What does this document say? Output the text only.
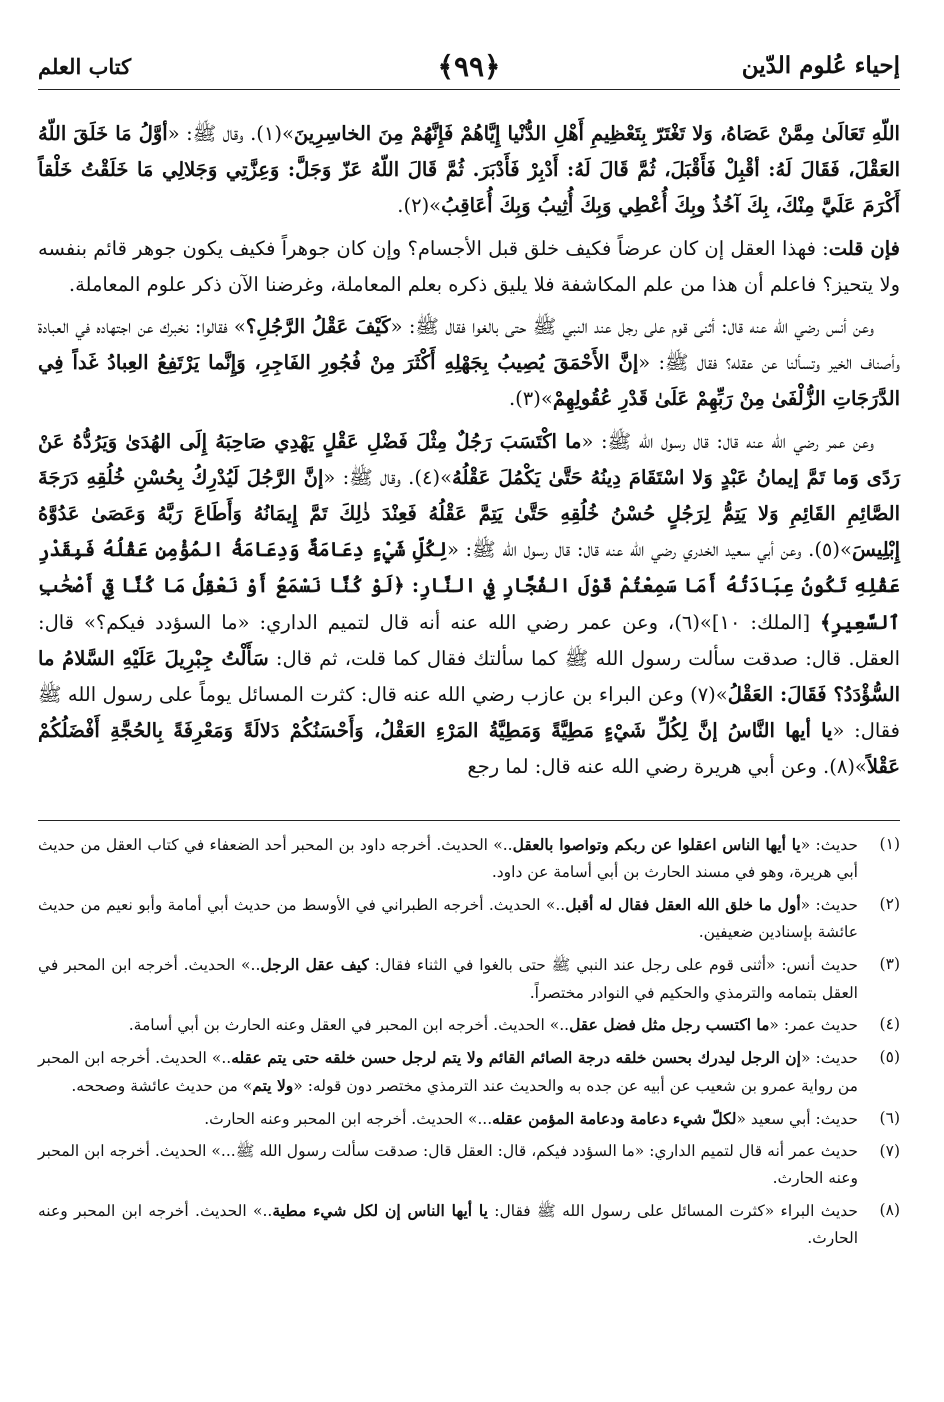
إحياء عُلوم الدّين
﴿٩٩﴾
كتاب العلم

اللّهِ تَعَالَىٰ مِمَّنْ عَصَاهُ، وَلا تَغْتَرّ بِتَعْظِيمِ أَهْلِ الدُّنْيا إِيَّاهُمْ فَإِنَّهُمْ مِنَ الخاسِرِينَ»(١). وقال ﷺ: «أوَّلُ مَا خَلَقَ اللّهُ العَقْلَ، فَقَالَ لَهُ: أقْبِلْ فَأَقْبَلَ، ثُمَّ قَالَ لَهُ: أَدْبِرْ فَأَدْبَرَ. ثُمَّ قَالَ اللّهُ عَزّ وَجَلَّ: وَعِزَّتِي وَجَلالِي مَا خَلَقْتُ خَلْقاً أَكْرَمَ عَلَيَّ مِنْكَ، بِكَ آخُذُ وبِكَ أُعْطِي وَبِكَ أُثِيبُ وَبِكَ أُعَاقِبُ»(٢).

فإن قلت: فهذا العقل إن كان عرضاً فكيف خلق قبل الأجسام؟ وإن كان جوهراً فكيف يكون جوهر قائم بنفسه ولا يتحيز؟ فاعلم أن هذا من علم المكاشفة فلا يليق ذكره بعلم المعاملة، وغرضنا الآن ذكر علوم المعاملة.

وعن أنس رضي الله عنه قال: أثنى قوم على رجل عند النبي ﷺ حتى بالغوا فقال ﷺ: «كَيْفَ عَقْلُ الرَّجُلِ؟» فقالوا: نخبرك عن اجتهاده في العبادة وأصناف الخير وتسألنا عن عقله؟ فقال ﷺ: «إنَّ الأَحْمَقَ يُصِيبُ بِجَهْلِهِ أَكْثَرَ مِنْ فُجُورِ الفَاجِرِ، وَإِنَّما يَرْتَفِعُ العِبادُ غَداً فِي الدَّرَجَاتِ الزُّلْفَىٰ مِنْ رَبِّهِمْ عَلَىٰ قَدْرِ عُقُولِهِمْ»(٣).

وعن عمر رضي الله عنه قال: قال رسول الله ﷺ: «ما اكْتَسَبَ رَجُلٌ مِثْلَ فَضْلِ عَقْلٍ يَهْدِي صَاحِبَهُ إِلَى الهُدَىٰ وَيَرُدُّهُ عَنْ رَدًى وَما تَمَّ إيمانُ عَبْدٍ وَلا اسْتَقَامَ دِينُهُ حَتَّىٰ يَكْمُلَ عَقْلُهُ»(٤). وقال ﷺ: «إنَّ الرَّجُلَ لَيُدْرِكُ بِحُسْنِ خُلُقِهِ دَرَجَةَ الصَّائِمِ القَائِمِ وَلا يَتِمُّ لِرَجُلٍ حُسْنُ خُلُقِهِ حَتَّىٰ يَتِمَّ عَقْلُهُ فَعِنْدَ ذٰلِكَ تَمَّ إِيمَانُهُ وَأَطَاعَ رَبَّهُ وَعَصَىٰ عَدُوَّهُ إِبْلِيسَ»(٥). وعن أبي سعيد الخدري رضي الله عنه قال: قال رسول الله ﷺ: «لِكُلِّ شَيْءٍ دِعَامَةٌ وَدِعَامَةُ المُؤْمِنِ عَقْلُهُ فَبِقَدْرِ عَقْلِهِ تَكُونُ عِبَادَتُهُ أَمَا سَمِعْتُمْ قَوْلَ الفُجَّارِ فِي النَّارِ: ﴿لَوْ كُنَّا نَسْمَعُ أَوْ نَعْقِلُ مَا كُنَّا فِيٓ أَصْحَٰبِ ٱلسَّعِيرِ﴾ [الملك: ١٠]»(٦)، وعن عمر رضي الله عنه أنه قال لتميم الداري: «ما السؤدد فيكم؟» قال: العقل. قال: صدقت سألت رسول الله ﷺ كما سألتك فقال كما قلت، ثم قال: سَأَلْتُ جِبْرِيلَ عَلَيْهِ السَّلامُ ما السُّؤْدَدُ؟ فَقَالَ: العَقْلُ»(٧) وعن البراء بن عازب رضي الله عنه قال: كثرت المسائل يوماً على رسول الله ﷺ فقال: «يا أيها النَّاسُ إنَّ لِكُلِّ شَيْءٍ مَطِيَّةً وَمَطِيَّةُ المَرْءِ العَقْلُ، وَأَحْسَنُكُمْ دَلالَةً وَمَعْرِفَةً بِالحُجَّةِ أَفْضَلُكُمْ عَقْلاً»(٨). وعن أبي هريرة رضي الله عنه قال: لما رجع

(١)
حديث: «يا أيها الناس اعقلوا عن ربكم وتواصوا بالعقل..» الحديث. أخرجه داود بن المحبر أحد الضعفاء في كتاب العقل من حديث أبي هريرة، وهو في مسند الحارث بن أبي أسامة عن داود.
(٢)
حديث: «أول ما خلق الله العقل فقال له أقبل..» الحديث. أخرجه الطبراني في الأوسط من حديث أبي أمامة وأبو نعيم من حديث عائشة بإسنادين ضعيفين.
(٣)
حديث أنس: «أثنى قوم على رجل عند النبي ﷺ حتى بالغوا في الثناء فقال: كيف عقل الرجل..» الحديث. أخرجه ابن المحبر في العقل بتمامه والترمذي والحكيم في النوادر مختصراً.
(٤)
حديث عمر: «ما اكتسب رجل مثل فضل عقل..» الحديث. أخرجه ابن المحبر في العقل وعنه الحارث بن أبي أسامة.
(٥)
حديث: «إن الرجل ليدرك بحسن خلقه درجة الصائم القائم ولا يتم لرجل حسن خلقه حتى يتم عقله..» الحديث. أخرجه ابن المحبر من رواية عمرو بن شعيب عن أبيه عن جده به والحديث عند الترمذي مختصر دون قوله: «ولا يتم» من حديث عائشة وصححه.
(٦)
حديث: أبي سعيد «لكلّ شيء دعامة ودعامة المؤمن عقله...» الحديث. أخرجه ابن المحبر وعنه الحارث.
(٧)
حديث عمر أنه قال لتميم الداري: «ما السؤدد فيكم، قال: العقل قال: صدقت سألت رسول الله ﷺ...» الحديث. أخرجه ابن المحبر وعنه الحارث.
(٨)
حديث البراء «كثرت المسائل على رسول الله ﷺ فقال: يا أيها الناس إن لكل شيء مطية..» الحديث. أخرجه ابن المحبر وعنه الحارث.
